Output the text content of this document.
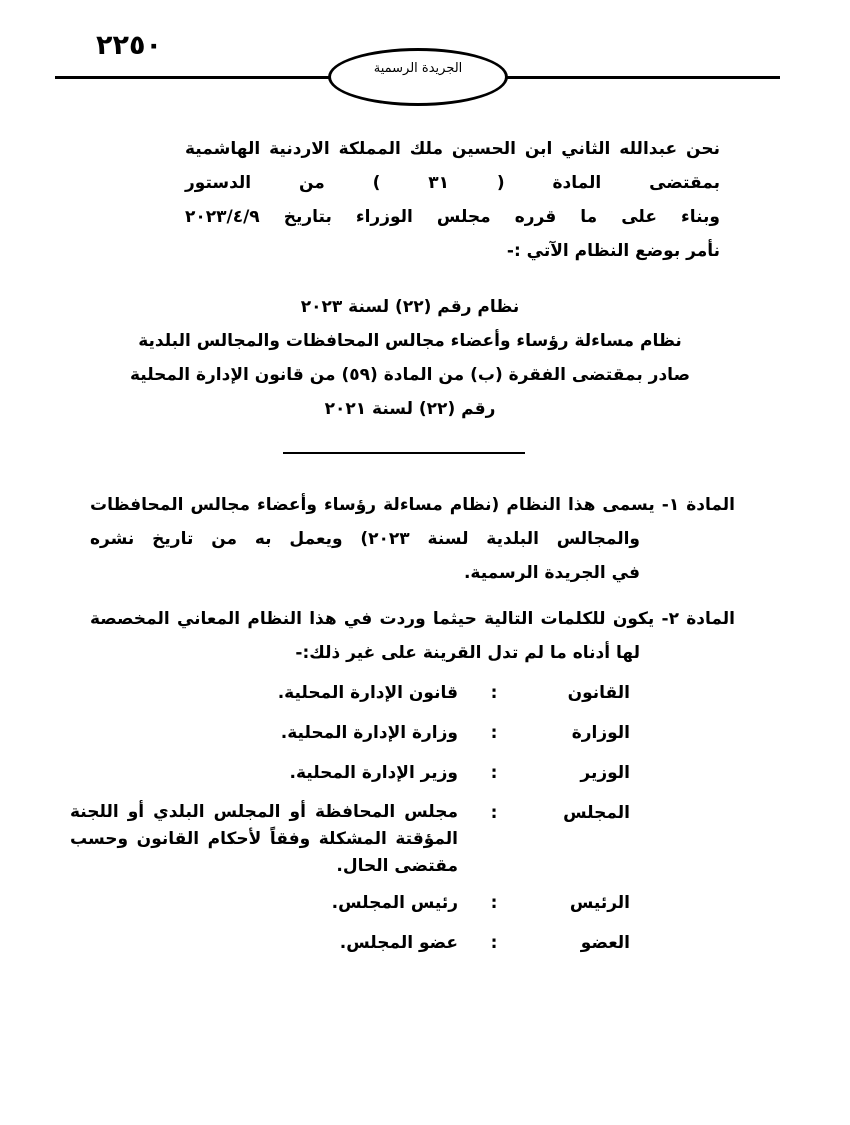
٢٢٥٠
الجريدة الرسمية
نحن عبدالله الثاني ابن الحسين ملك المملكة الاردنية الهاشمية
بمقتضى المادة ( ٣١ ) من الدستور
وبناء على ما قرره مجلس الوزراء بتاريخ ٢٠٢٣/٤/٩
نأمر بوضع النظام الآتي :-
نظام رقم (٢٢) لسنة ٢٠٢٣
نظام مساءلة رؤساء وأعضاء مجالس المحافظات والمجالس البلدية
صادر بمقتضى الفقرة (ب) من المادة (٥٩) من قانون الإدارة المحلية
رقم (٢٢) لسنة ٢٠٢١
المادة ١- يسمى هذا النظام (نظام مساءلة رؤساء وأعضاء مجالس المحافظات
والمجالس البلدية لسنة ٢٠٢٣) ويعمل به من تاريخ نشره
في الجريدة الرسمية.
المادة ٢- يكون للكلمات التالية حيثما وردت في هذا النظام المعاني المخصصة
لها أدناه ما لم تدل القرينة على غير ذلك:-
القانون
:
قانون الإدارة المحلية.
الوزارة
:
وزارة الإدارة المحلية.
الوزير
:
وزير الإدارة المحلية.
المجلس
:
مجلس المحافظة أو المجلس البلدي أو اللجنة المؤقتة المشكلة وفقاً لأحكام القانون وحسب مقتضى الحال.
الرئيس
:
رئيس المجلس.
العضو
:
عضو المجلس.
